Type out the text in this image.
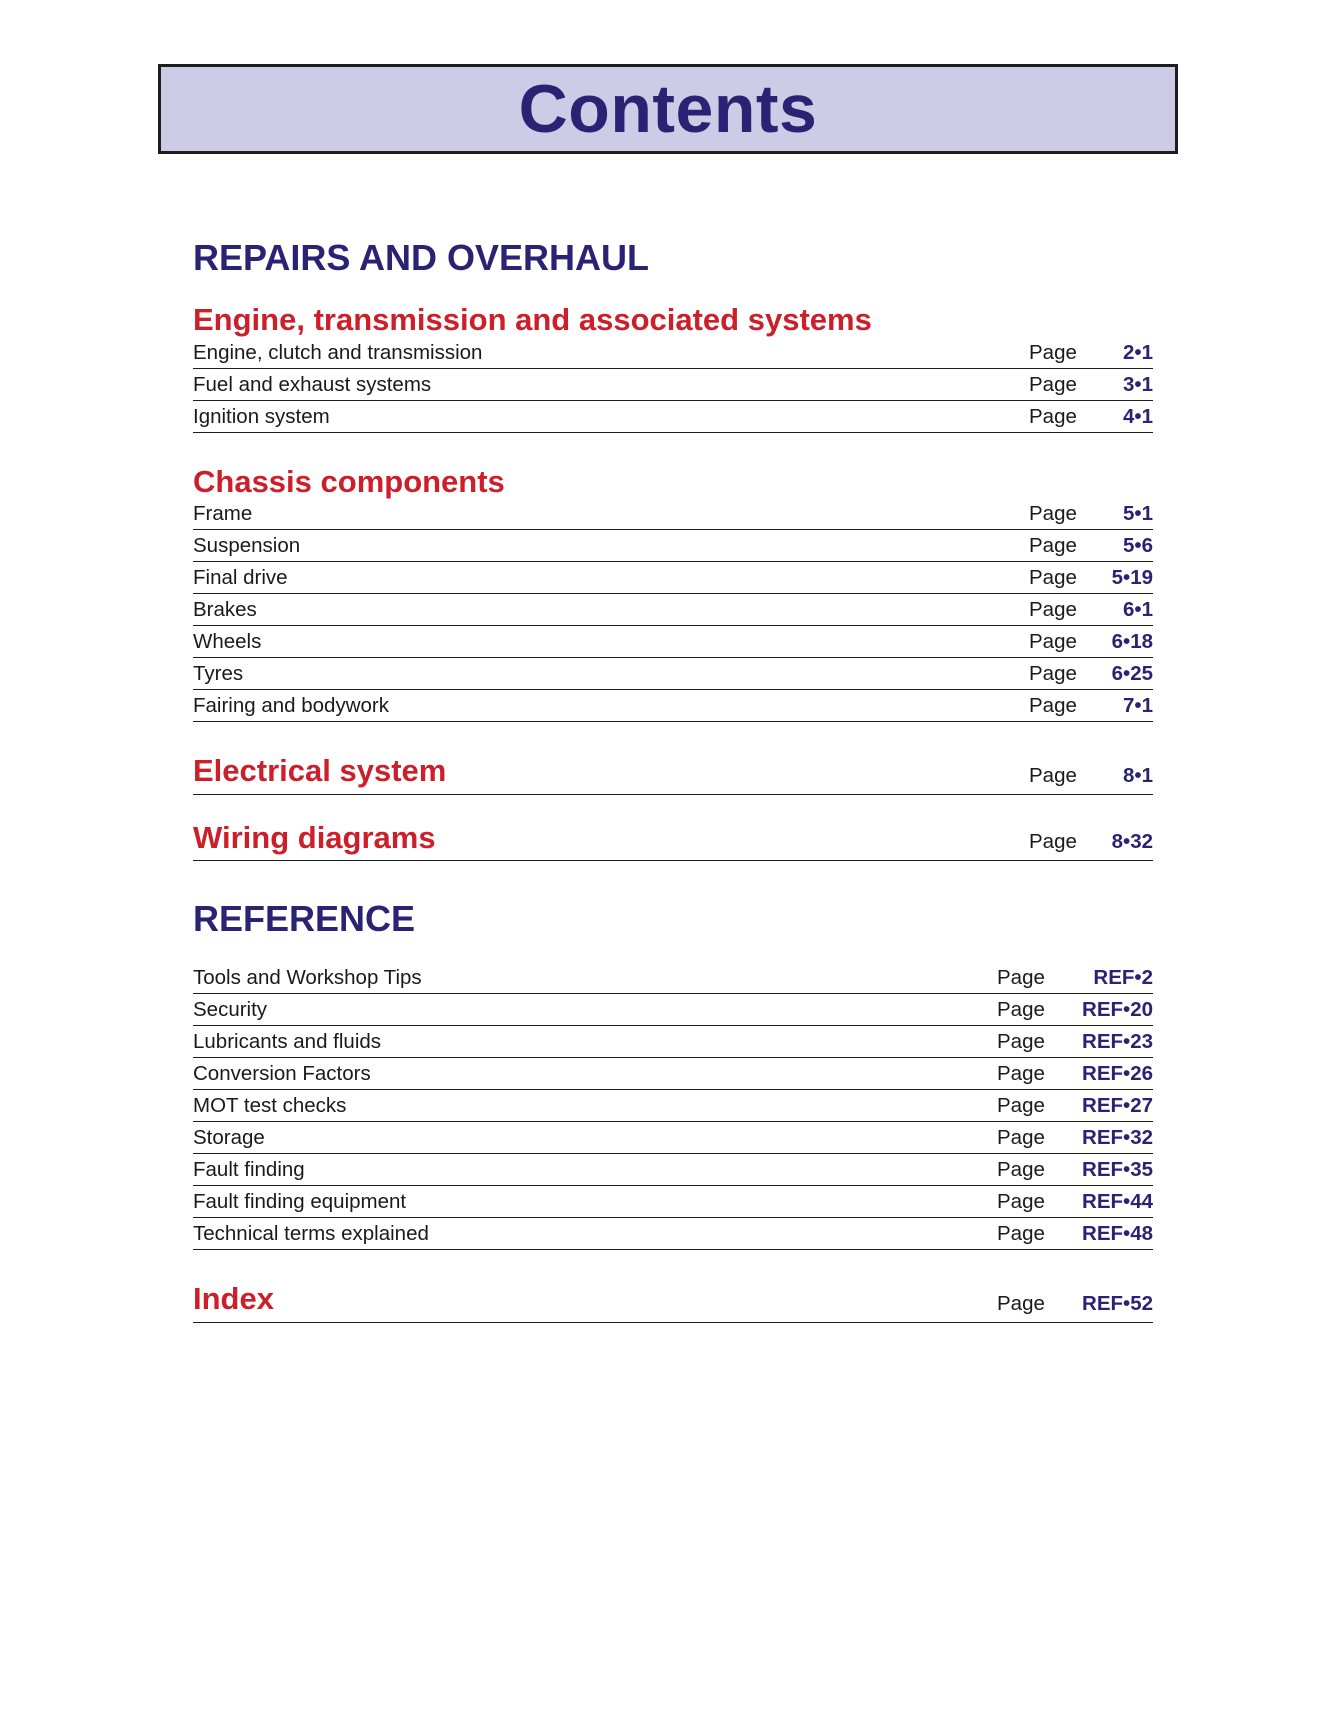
Contents
REPAIRS AND OVERHAUL
Engine, transmission and associated systems
Engine, clutch and transmission	Page	2•1
Fuel and exhaust systems	Page	3•1
Ignition system	Page	4•1
Chassis components
Frame	Page	5•1
Suspension	Page	5•6
Final drive	Page	5•19
Brakes	Page	6•1
Wheels	Page	6•18
Tyres	Page	6•25
Fairing and bodywork	Page	7•1
Electrical system	Page	8•1
Wiring diagrams	Page	8•32
REFERENCE
Tools and Workshop Tips	Page	REF•2
Security	Page	REF•20
Lubricants and fluids	Page	REF•23
Conversion Factors	Page	REF•26
MOT test checks	Page	REF•27
Storage	Page	REF•32
Fault finding	Page	REF•35
Fault finding equipment	Page	REF•44
Technical terms explained	Page	REF•48
Index	Page	REF•52
